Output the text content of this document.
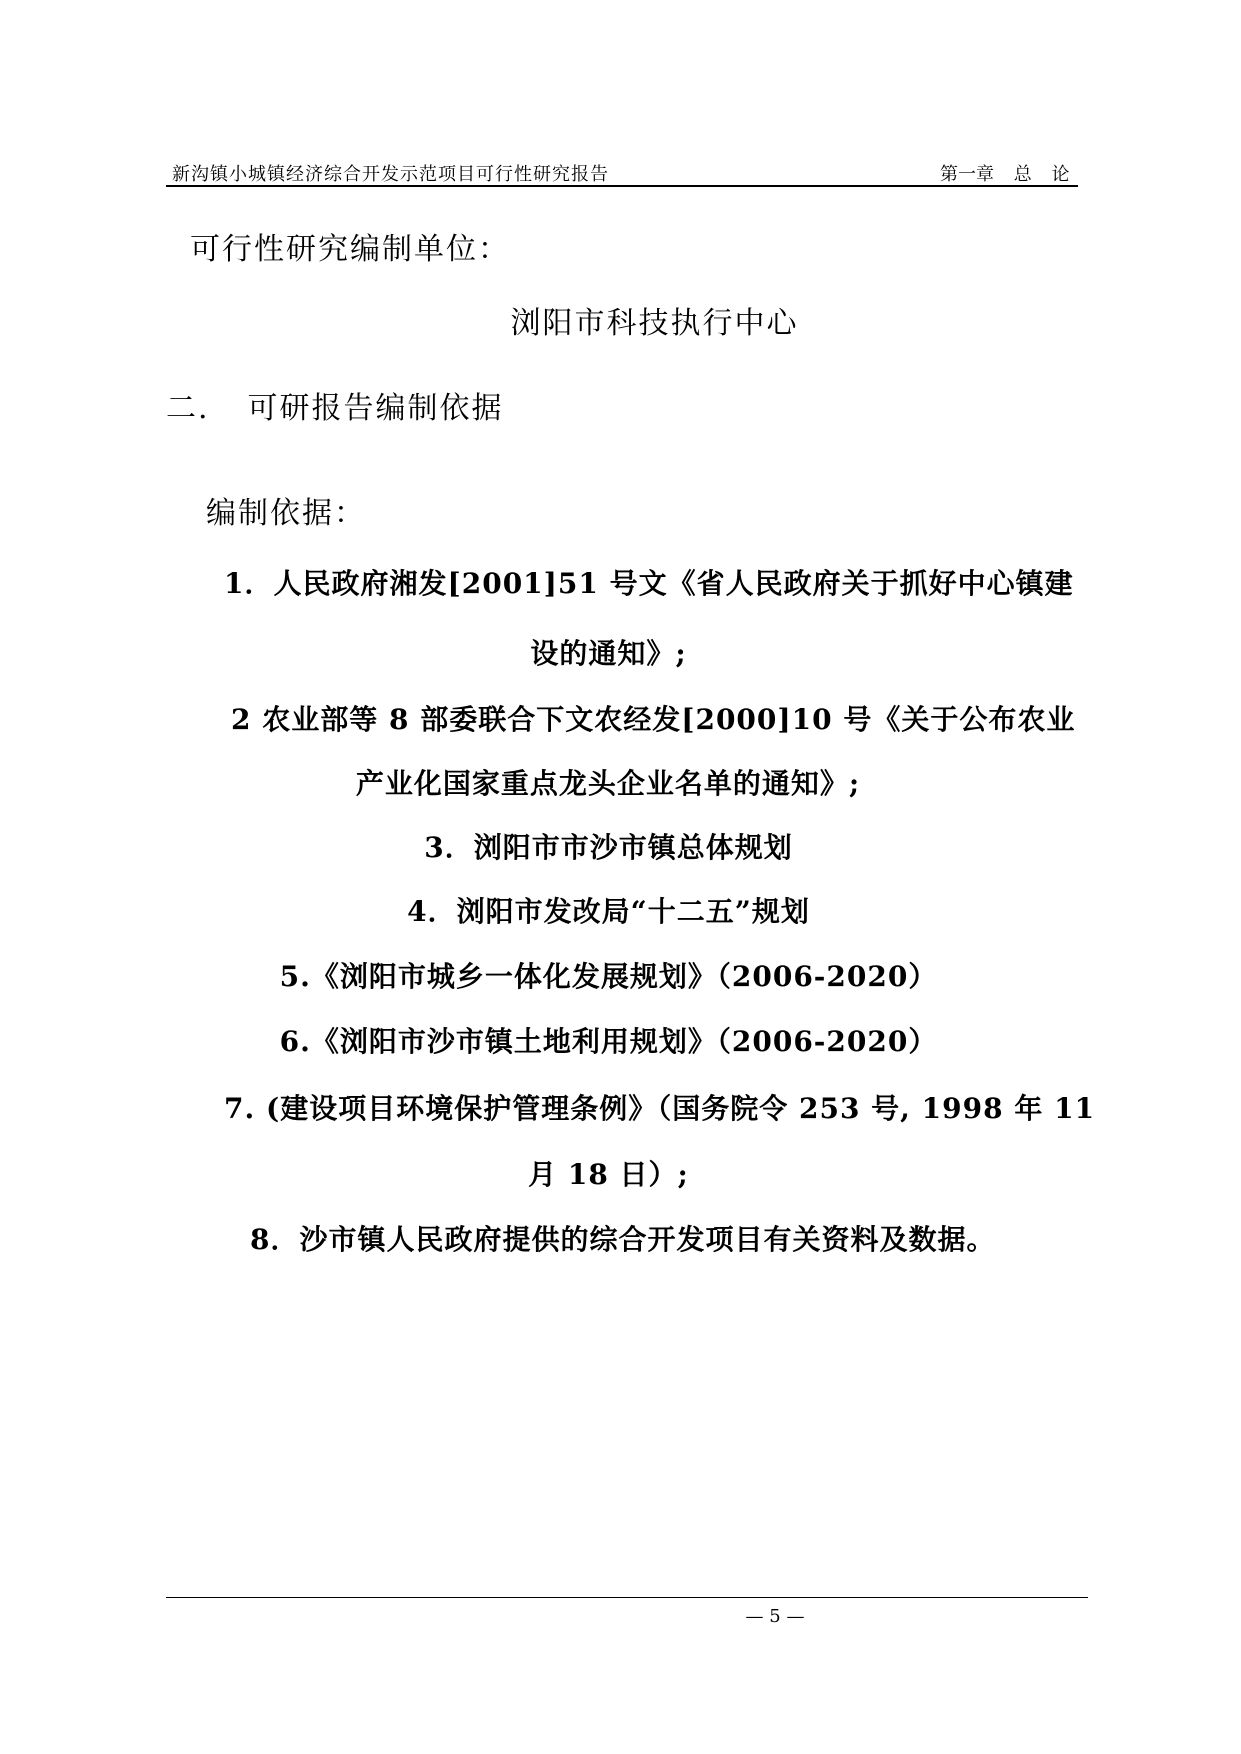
新沟镇小城镇经济综合开发示范项目可行性研究报告	第一章 总 论
可行性研究编制单位：
浏阳市科技执行中心
二. 可研报告编制依据
编制依据：
1．人民政府湘发[2001]51 号文《省人民政府关于抓好中心镇建
设的通知》;
2 农业部等 8 部委联合下文农经发[2000]10 号《关于公布农业
产业化国家重点龙头企业名单的通知》;
3．浏阳市市沙市镇总体规划
4．浏阳市发改局“十二五”规划
5.《浏阳市城乡一体化发展规划》（2006-2020）
6.《浏阳市沙市镇土地利用规划》（2006-2020）
7. (建设项目环境保护管理条例》（国务院令 253 号, 1998 年 11
月 18 日）;
8．沙市镇人民政府提供的综合开发项目有关资料及数据。
— 5 —
